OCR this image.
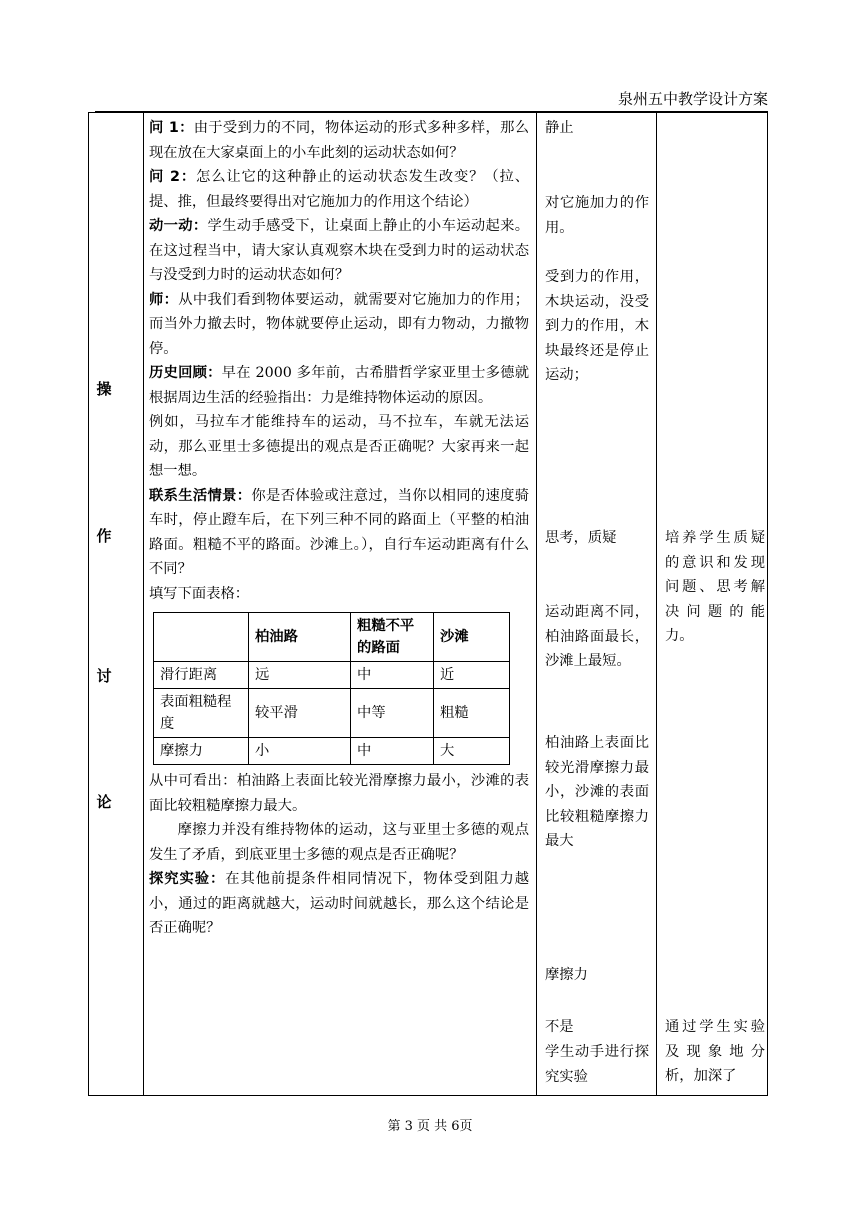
泉州五中教学设计方案
操
作
讨
论

问 1：由于受到力的不同，物体运动的形式多种多样，那么现在放在大家桌面上的小车此刻的运动状态如何？

问 2：怎么让它的这种静止的运动状态发生改变？（拉、提、推，但最终要得出对它施加力的作用这个结论）

动一动：学生动手感受下，让桌面上静止的小车运动起来。在这过程当中，请大家认真观察木块在受到力时的运动状态与没受到力时的运动状态如何？

师：从中我们看到物体要运动，就需要对它施加力的作用；而当外力撤去时，物体就要停止运动，即有力物动，力撤物停。

历史回顾：早在 2000 多年前，古希腊哲学家亚里士多德就根据周边生活的经验指出：力是维持物体运动的原因。

例如，马拉车才能维持车的运动，马不拉车，车就无法运动，那么亚里士多德提出的观点是否正确呢？大家再来一起想一想。

联系生活情景：你是否体验或注意过，当你以相同的速度骑车时，停止蹬车后，在下列三种不同的路面上（平整的柏油路面。粗糙不平的路面。沙滩上。），自行车运动距离有什么不同？

填写下面表格：

	柏油路	粗糙不平的路面	沙滩
滑行距离	远	中	近
表面粗糙程度	较平滑	中等	粗糙
摩擦力	小	中	大

从中可看出：柏油路上表面比较光滑摩擦力最小，沙滩的表面比较粗糙摩擦力最大。

摩擦力并没有维持物体的运动，这与亚里士多德的观点发生了矛盾，到底亚里士多德的观点是否正确呢？

探究实验：在其他前提条件相同情况下，物体受到阻力越小，通过的距离就越大，运动时间就越长，那么这个结论是否正确呢？

静止
对它施加力的作用。
受到力的作用，木块运动，没受到力的作用，木块最终还是停止运动；
思考，质疑
运动距离不同，柏油路面最长，沙滩上最短。
柏油路上表面比较光滑摩擦力最小，沙滩的表面比较粗糙摩擦力最大
摩擦力
不是
学生动手进行探究实验
培养学生质疑的意识和发现问题、思考解决问题的能力。
通过学生实验及现象地分析，加深了
第 3 页 共 6页
